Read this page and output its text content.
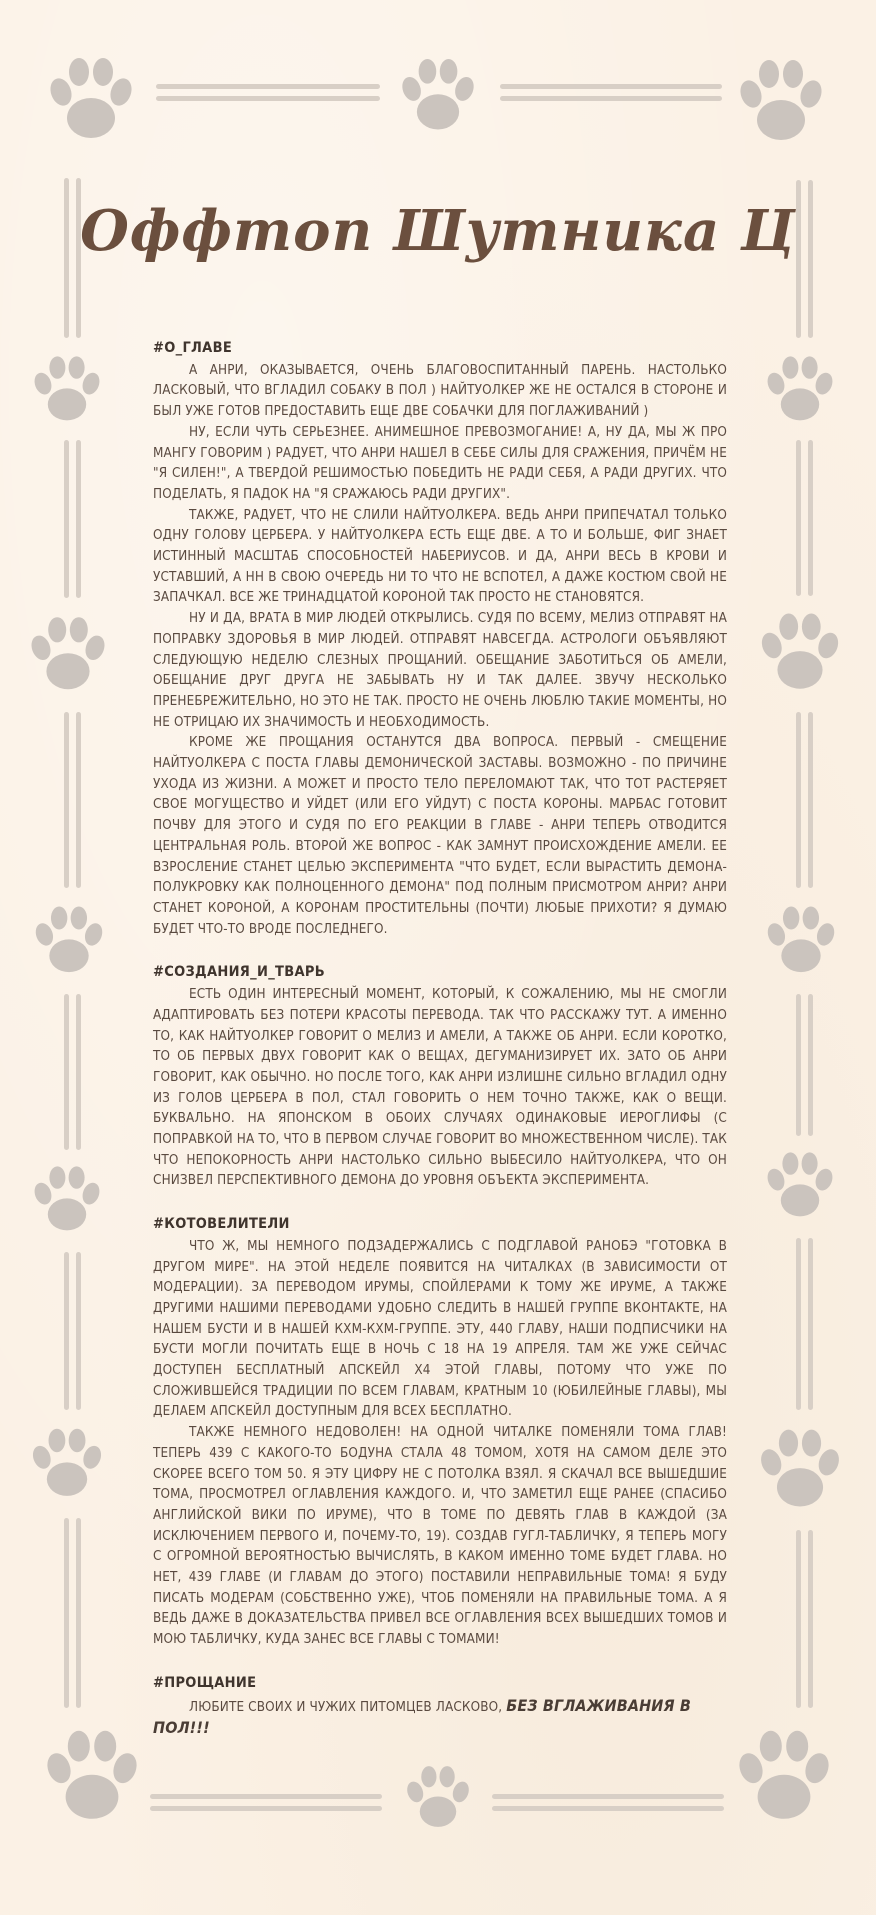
Оффтоп Шутника Ц
#О_ГЛАВЕ

А АНРИ, ОКАЗЫВАЕТСЯ, ОЧЕНЬ БЛАГОВОСПИТАННЫЙ ПАРЕНЬ. НАСТОЛЬКО ЛАСКОВЫЙ, ЧТО ВГЛАДИЛ СОБАКУ В ПОЛ ) НАЙТУОЛКЕР ЖЕ НЕ ОСТАЛСЯ В СТОРОНЕ И БЫЛ УЖЕ ГОТОВ ПРЕДОСТАВИТЬ ЕЩЕ ДВЕ СОБАЧКИ ДЛЯ ПОГЛАЖИВАНИЙ )

НУ, ЕСЛИ ЧУТЬ СЕРЬЕЗНЕЕ. АНИМЕШНОЕ ПРЕВОЗМОГАНИЕ! А, НУ ДА, МЫ Ж ПРО МАНГУ ГОВОРИМ ) РАДУЕТ, ЧТО АНРИ НАШЕЛ В СЕБЕ СИЛЫ ДЛЯ СРАЖЕНИЯ, ПРИЧЁМ НЕ "Я СИЛЕН!", А ТВЕРДОЙ РЕШИМОСТЬЮ ПОБЕДИТЬ НЕ РАДИ СЕБЯ, А РАДИ ДРУГИХ. ЧТО ПОДЕЛАТЬ, Я ПАДОК НА "Я СРАЖАЮСЬ РАДИ ДРУГИХ".

ТАКЖЕ, РАДУЕТ, ЧТО НЕ СЛИЛИ НАЙТУОЛКЕРА. ВЕДЬ АНРИ ПРИПЕЧАТАЛ ТОЛЬКО ОДНУ ГОЛОВУ ЦЕРБЕРА. У НАЙТУОЛКЕРА ЕСТЬ ЕЩЕ ДВЕ. А ТО И БОЛЬШЕ, ФИГ ЗНАЕТ ИСТИННЫЙ МАСШТАБ СПОСОБНОСТЕЙ НАБЕРИУСОВ. И ДА, АНРИ ВЕСЬ В КРОВИ И УСТАВШИЙ, А НН В СВОЮ ОЧЕРЕДЬ НИ ТО ЧТО НЕ ВСПОТЕЛ, А ДАЖЕ КОСТЮМ СВОЙ НЕ ЗАПАЧКАЛ. ВСЕ ЖЕ ТРИНАДЦАТОЙ КОРОНОЙ ТАК ПРОСТО НЕ СТАНОВЯТСЯ.

НУ И ДА, ВРАТА В МИР ЛЮДЕЙ ОТКРЫЛИСЬ. СУДЯ ПО ВСЕМУ, МЕЛИЗ ОТПРАВЯТ НА ПОПРАВКУ ЗДОРОВЬЯ В МИР ЛЮДЕЙ. ОТПРАВЯТ НАВСЕГДА. АСТРОЛОГИ ОБЪЯВЛЯЮТ СЛЕДУЮЩУЮ НЕДЕЛЮ СЛЕЗНЫХ ПРОЩАНИЙ. ОБЕЩАНИЕ ЗАБОТИТЬСЯ ОБ АМЕЛИ, ОБЕЩАНИЕ ДРУГ ДРУГА НЕ ЗАБЫВАТЬ НУ И ТАК ДАЛЕЕ. ЗВУЧУ НЕСКОЛЬКО ПРЕНЕБРЕЖИТЕЛЬНО, НО ЭТО НЕ ТАК. ПРОСТО НЕ ОЧЕНЬ ЛЮБЛЮ ТАКИЕ МОМЕНТЫ, НО НЕ ОТРИЦАЮ ИХ ЗНАЧИМОСТЬ И НЕОБХОДИМОСТЬ.

КРОМЕ ЖЕ ПРОЩАНИЯ ОСТАНУТСЯ ДВА ВОПРОСА. ПЕРВЫЙ - СМЕЩЕНИЕ НАЙТУОЛКЕРА С ПОСТА ГЛАВЫ ДЕМОНИЧЕСКОЙ ЗАСТАВЫ. ВОЗМОЖНО - ПО ПРИЧИНЕ УХОДА ИЗ ЖИЗНИ. А МОЖЕТ И ПРОСТО ТЕЛО ПЕРЕЛОМАЮТ ТАК, ЧТО ТОТ РАСТЕРЯЕТ СВОЕ МОГУЩЕСТВО И УЙДЕТ (ИЛИ ЕГО УЙДУТ) С ПОСТА КОРОНЫ. МАРБАС ГОТОВИТ ПОЧВУ ДЛЯ ЭТОГО И СУДЯ ПО ЕГО РЕАКЦИИ В ГЛАВЕ - АНРИ ТЕПЕРЬ ОТВОДИТСЯ ЦЕНТРАЛЬНАЯ РОЛЬ. ВТОРОЙ ЖЕ ВОПРОС - КАК ЗАМНУТ ПРОИСХОЖДЕНИЕ АМЕЛИ. ЕЕ ВЗРОСЛЕНИЕ СТАНЕТ ЦЕЛЬЮ ЭКСПЕРИМЕНТА "ЧТО БУДЕТ, ЕСЛИ ВЫРАСТИТЬ ДЕМОНА-ПОЛУКРОВКУ КАК ПОЛНОЦЕННОГО ДЕМОНА" ПОД ПОЛНЫМ ПРИСМОТРОМ АНРИ? АНРИ СТАНЕТ КОРОНОЙ, А КОРОНАМ ПРОСТИТЕЛЬНЫ (ПОЧТИ) ЛЮБЫЕ ПРИХОТИ? Я ДУМАЮ БУДЕТ ЧТО-ТО ВРОДЕ ПОСЛЕДНЕГО.

#СОЗДАНИЯ_И_ТВАРЬ

ЕСТЬ ОДИН ИНТЕРЕСНЫЙ МОМЕНТ, КОТОРЫЙ, К СОЖАЛЕНИЮ, МЫ НЕ СМОГЛИ АДАПТИРОВАТЬ БЕЗ ПОТЕРИ КРАСОТЫ ПЕРЕВОДА. ТАК ЧТО РАССКАЖУ ТУТ. А ИМЕННО ТО, КАК НАЙТУОЛКЕР ГОВОРИТ О МЕЛИЗ И АМЕЛИ, А ТАКЖЕ ОБ АНРИ. ЕСЛИ КОРОТКО, ТО ОБ ПЕРВЫХ ДВУХ ГОВОРИТ КАК О ВЕЩАХ, ДЕГУМАНИЗИРУЕТ ИХ. ЗАТО ОБ АНРИ ГОВОРИТ, КАК ОБЫЧНО. НО ПОСЛЕ ТОГО, КАК АНРИ ИЗЛИШНЕ СИЛЬНО ВГЛАДИЛ ОДНУ ИЗ ГОЛОВ ЦЕРБЕРА В ПОЛ, СТАЛ ГОВОРИТЬ О НЕМ ТОЧНО ТАКЖЕ, КАК О ВЕЩИ. БУКВАЛЬНО. НА ЯПОНСКОМ В ОБОИХ СЛУЧАЯХ ОДИНАКОВЫЕ ИЕРОГЛИФЫ (С ПОПРАВКОЙ НА ТО, ЧТО В ПЕРВОМ СЛУЧАЕ ГОВОРИТ ВО МНОЖЕСТВЕННОМ ЧИСЛЕ). ТАК ЧТО НЕПОКОРНОСТЬ АНРИ НАСТОЛЬКО СИЛЬНО ВЫБЕСИЛО НАЙТУОЛКЕРА, ЧТО ОН СНИЗВЕЛ ПЕРСПЕКТИВНОГО ДЕМОНА ДО УРОВНЯ ОБЪЕКТА ЭКСПЕРИМЕНТА.

#КОТОВЕЛИТЕЛИ

ЧТО Ж, МЫ НЕМНОГО ПОДЗАДЕРЖАЛИСЬ С ПОДГЛАВОЙ РАНОБЭ "ГОТОВКА В ДРУГОМ МИРЕ". НА ЭТОЙ НЕДЕЛЕ ПОЯВИТСЯ НА ЧИТАЛКАХ (В ЗАВИСИМОСТИ ОТ МОДЕРАЦИИ). ЗА ПЕРЕВОДОМ ИРУМЫ, СПОЙЛЕРАМИ К ТОМУ ЖЕ ИРУМЕ, А ТАКЖЕ ДРУГИМИ НАШИМИ ПЕРЕВОДАМИ УДОБНО СЛЕДИТЬ В НАШЕЙ ГРУППЕ ВКОНТАКТЕ, НА НАШЕМ БУСТИ И В НАШЕЙ КХМ-КХМ-ГРУППЕ. ЭТУ, 440 ГЛАВУ, НАШИ ПОДПИСЧИКИ НА БУСТИ МОГЛИ ПОЧИТАТЬ ЕЩЕ В НОЧЬ С 18 НА 19 АПРЕЛЯ. ТАМ ЖЕ УЖЕ СЕЙЧАС ДОСТУПЕН БЕСПЛАТНЫЙ АПСКЕЙЛ Х4 ЭТОЙ ГЛАВЫ, ПОТОМУ ЧТО УЖЕ ПО СЛОЖИВШЕЙСЯ ТРАДИЦИИ ПО ВСЕМ ГЛАВАМ, КРАТНЫМ 10 (ЮБИЛЕЙНЫЕ ГЛАВЫ), МЫ ДЕЛАЕМ АПСКЕЙЛ ДОСТУПНЫМ ДЛЯ ВСЕХ БЕСПЛАТНО.

ТАКЖЕ НЕМНОГО НЕДОВОЛЕН! НА ОДНОЙ ЧИТАЛКЕ ПОМЕНЯЛИ ТОМА ГЛАВ! ТЕПЕРЬ 439 С КАКОГО-ТО БОДУНА СТАЛА 48 ТОМОМ, ХОТЯ НА САМОМ ДЕЛЕ ЭТО СКОРЕЕ ВСЕГО ТОМ 50. Я ЭТУ ЦИФРУ НЕ С ПОТОЛКА ВЗЯЛ. Я СКАЧАЛ ВСЕ ВЫШЕДШИЕ ТОМА, ПРОСМОТРЕЛ ОГЛАВЛЕНИЯ КАЖДОГО. И, ЧТО ЗАМЕТИЛ ЕЩЕ РАНЕЕ (СПАСИБО АНГЛИЙСКОЙ ВИКИ ПО ИРУМЕ), ЧТО В ТОМЕ ПО ДЕВЯТЬ ГЛАВ В КАЖДОЙ (ЗА ИСКЛЮЧЕНИЕМ ПЕРВОГО И, ПОЧЕМУ-ТО, 19). СОЗДАВ ГУГЛ-ТАБЛИЧКУ, Я ТЕПЕРЬ МОГУ С ОГРОМНОЙ ВЕРОЯТНОСТЬЮ ВЫЧИСЛЯТЬ, В КАКОМ ИМЕННО ТОМЕ БУДЕТ ГЛАВА. НО НЕТ, 439 ГЛАВЕ (И ГЛАВАМ ДО ЭТОГО) ПОСТАВИЛИ НЕПРАВИЛЬНЫЕ ТОМА! Я БУДУ ПИСАТЬ МОДЕРАМ (СОБСТВЕННО УЖЕ), ЧТОБ ПОМЕНЯЛИ НА ПРАВИЛЬНЫЕ ТОМА. А Я ВЕДЬ ДАЖЕ В ДОКАЗАТЕЛЬСТВА ПРИВЕЛ ВСЕ ОГЛАВЛЕНИЯ ВСЕХ ВЫШЕДШИХ ТОМОВ И МОЮ ТАБЛИЧКУ, КУДА ЗАНЕС ВСЕ ГЛАВЫ С ТОМАМИ!

#ПРОЩАНИЕ

ЛЮБИТЕ СВОИХ И ЧУЖИХ ПИТОМЦЕВ ЛАСКОВО, БЕЗ ВГЛАЖИВАНИЯ В ПОЛ!!!
